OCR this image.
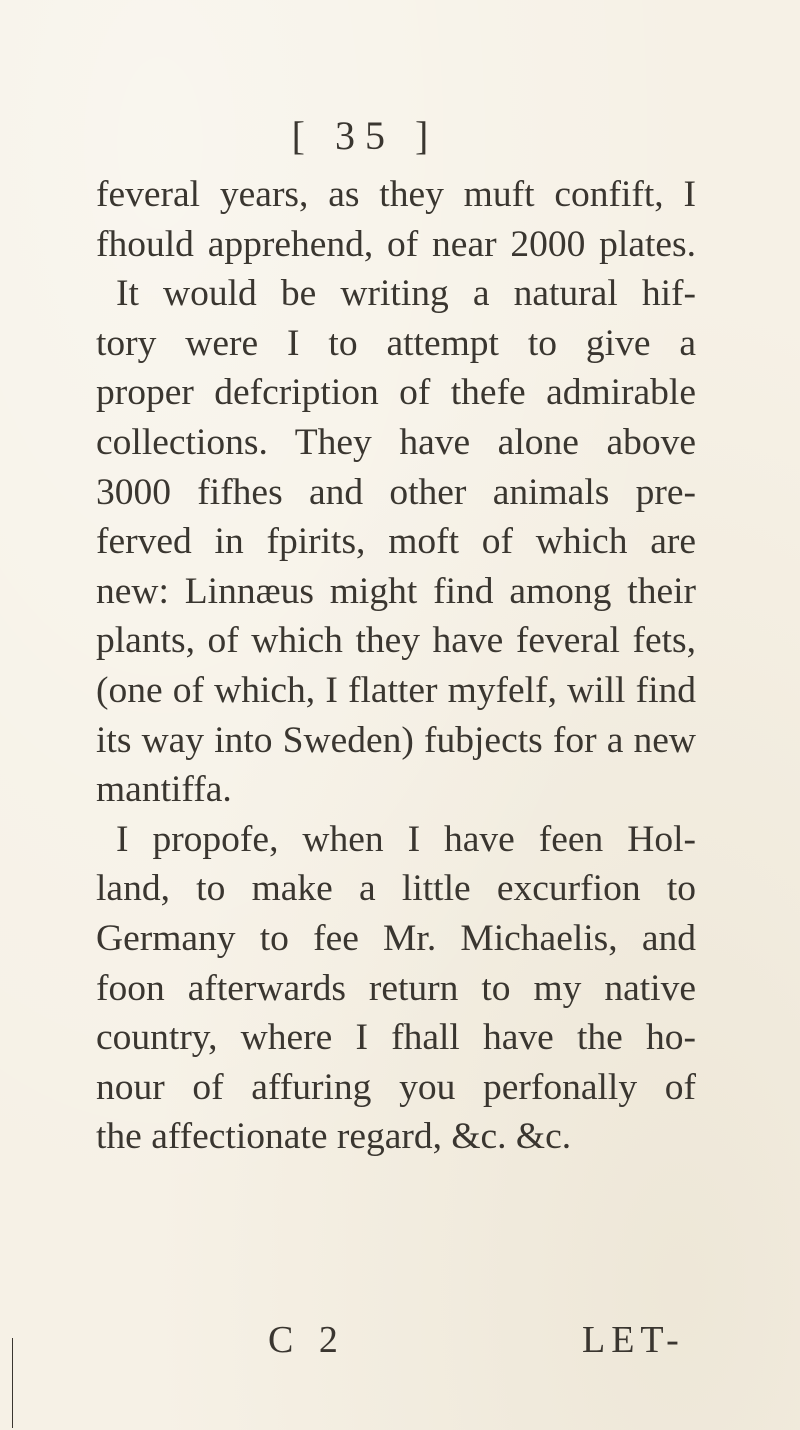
[ 35 ]
feveral years, as they muft confift, I
fhould apprehend, of near 2000 plates.
It would be writing a natural hif-
tory were I to attempt to give a
proper defcription of thefe admirable
collections. They have alone above
3000 fifhes and other animals pre-
ferved in fpirits, moft of which are
new: Linnæus might find among their
plants, of which they have feveral fets,
(one of which, I flatter myfelf, will find
its way into Sweden) fubjects for a new
mantiffa.
I propofe, when I have feen Hol-
land, to make a little excurfion to
Germany to fee Mr. Michaelis, and
foon afterwards return to my native
country, where I fhall have the ho-
nour of affuring you perfonally of
the affectionate regard, &c. &c.
C 2	LET-
